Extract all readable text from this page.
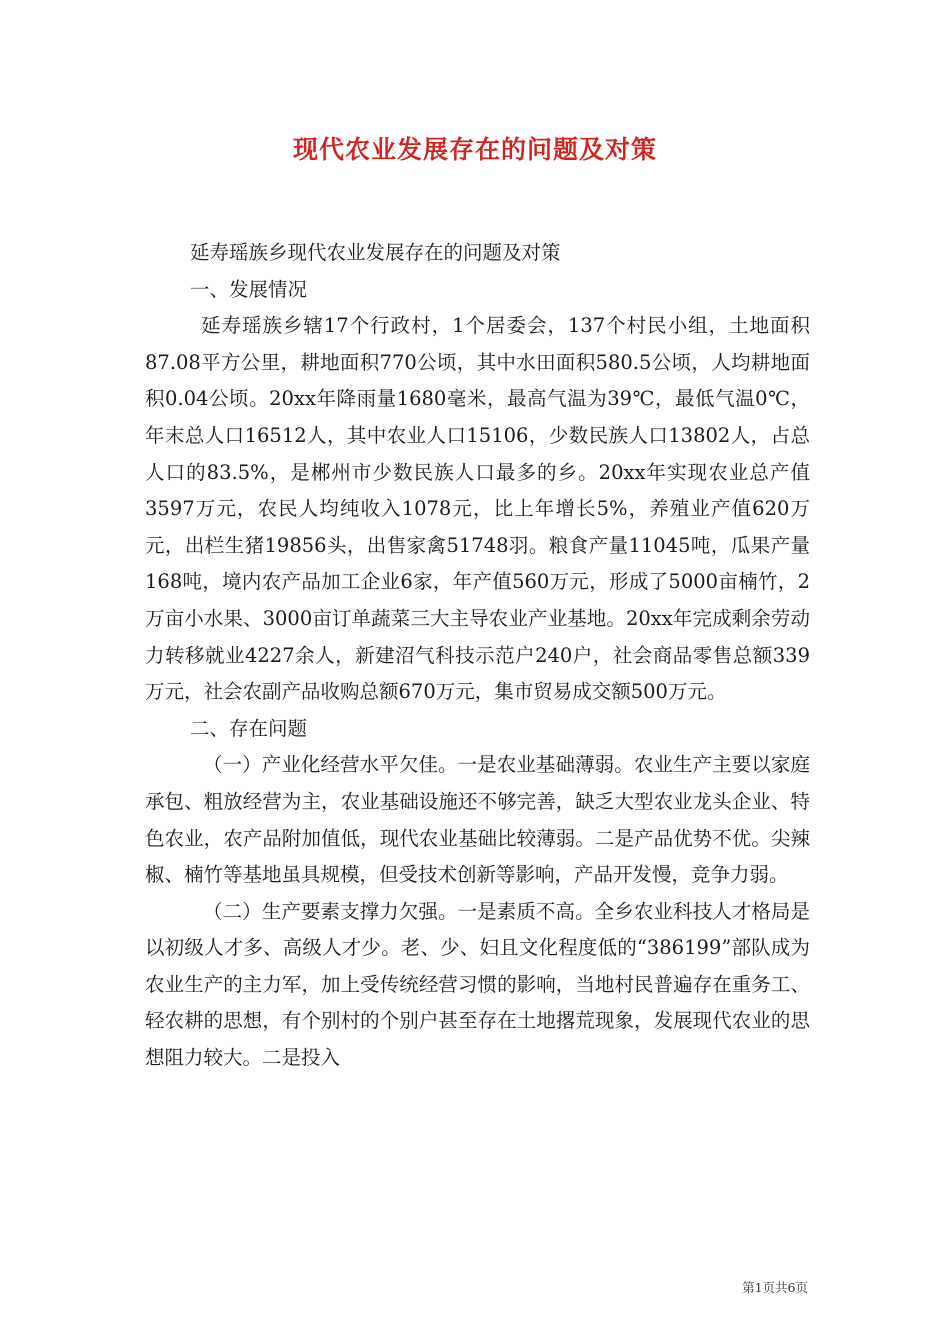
现代农业发展存在的问题及对策

延寿瑶族乡现代农业发展存在的问题及对策

一、发展情况

延寿瑶族乡辖17个行政村，1个居委会，137个村民小组，土地面积87.08平方公里，耕地面积770公顷，其中水田面积580.5公顷，人均耕地面积0.04公顷。20xx年降雨量1680毫米，最高气温为39℃，最低气温0℃，年末总人口16512人，其中农业人口15106，少数民族人口13802人，占总人口的83.5%，是郴州市少数民族人口最多的乡。20xx年实现农业总产值3597万元，农民人均纯收入1078元，比上年增长5%，养殖业产值620万元，出栏生猪19856头，出售家禽51748羽。粮食产量11045吨，瓜果产量168吨，境内农产品加工企业6家，年产值560万元，形成了5000亩楠竹，2万亩小水果、3000亩订单蔬菜三大主导农业产业基地。20xx年完成剩余劳动力转移就业4227余人，新建沼气科技示范户240户，社会商品零售总额339万元，社会农副产品收购总额670万元，集市贸易成交额500万元。

二、存在问题

（一）产业化经营水平欠佳。一是农业基础薄弱。农业生产主要以家庭承包、粗放经营为主，农业基础设施还不够完善，缺乏大型农业龙头企业、特色农业，农产品附加值低，现代农业基础比较薄弱。二是产品优势不优。尖辣椒、楠竹等基地虽具规模，但受技术创新等影响，产品开发慢，竞争力弱。

（二）生产要素支撑力欠强。一是素质不高。全乡农业科技人才格局是以初级人才多、高级人才少。老、少、妇且文化程度低的“386199”部队成为农业生产的主力军，加上受传统经营习惯的影响，当地村民普遍存在重务工、轻农耕的思想，有个别村的个别户甚至存在土地撂荒现象，发展现代农业的思想阻力较大。二是投入

第1页共6页
